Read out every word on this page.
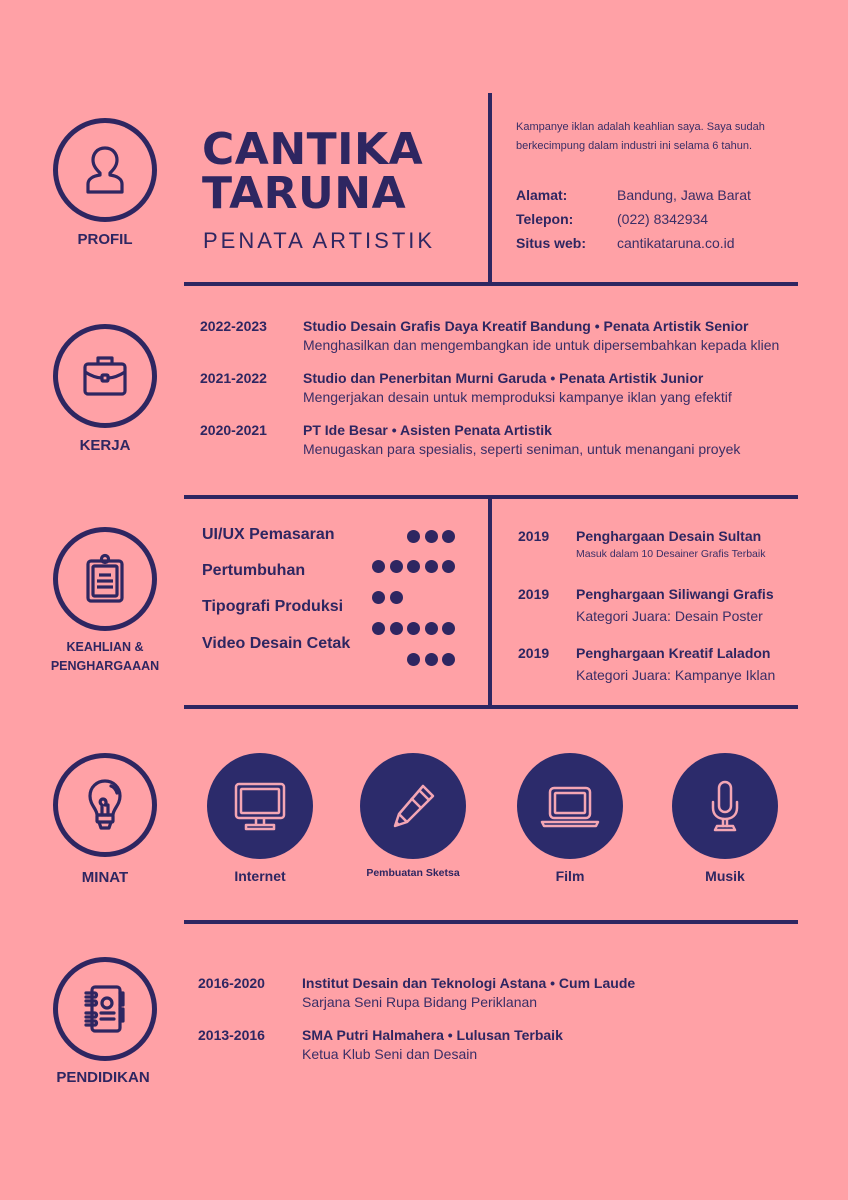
PROFIL
CANTIKA
TARUNA
PENATA ARTISTIK
Kampanye iklan adalah keahlian saya. Saya sudah berkecimpung dalam industri ini selama 6 tahun.
Alamat:	Bandung, Jawa Barat
Telepon:	(022) 8342934
Situs web: cantikataruna.co.id
KERJA
2022-2023	Studio Desain Grafis Daya Kreatif Bandung • Penata Artistik Senior
Menghasilkan dan mengembangkan ide untuk dipersembahkan kepada klien
2021-2022	Studio dan Penerbitan Murni Garuda • Penata Artistik Junior
Mengerjakan desain untuk memproduksi kampanye iklan yang efektif
2020-2021	PT Ide Besar • Asisten Penata Artistik
Menugaskan para spesialis, seperti seniman, untuk menangani proyek
KEAHLIAN &
PENGHARGAAAN
UI/UX Pemasaran
Pertumbuhan
Tipografi Produksi
Video Desain Cetak
2019 Penghargaan Desain Sultan
Masuk dalam 10 Desainer Grafis Terbaik
2019 Penghargaan Siliwangi Grafis
Kategori Juara: Desain Poster
2019 Penghargaan Kreatif Laladon
Kategori Juara: Kampanye Iklan
MINAT	Internet	Pembuatan Sketsa	Film	Musik
PENDIDIKAN
2016-2020	Institut Desain dan Teknologi Astana • Cum Laude
Sarjana Seni Rupa Bidang Periklanan
2013-2016	SMA Putri Halmahera • Lulusan Terbaik
Ketua Klub Seni dan Desain
